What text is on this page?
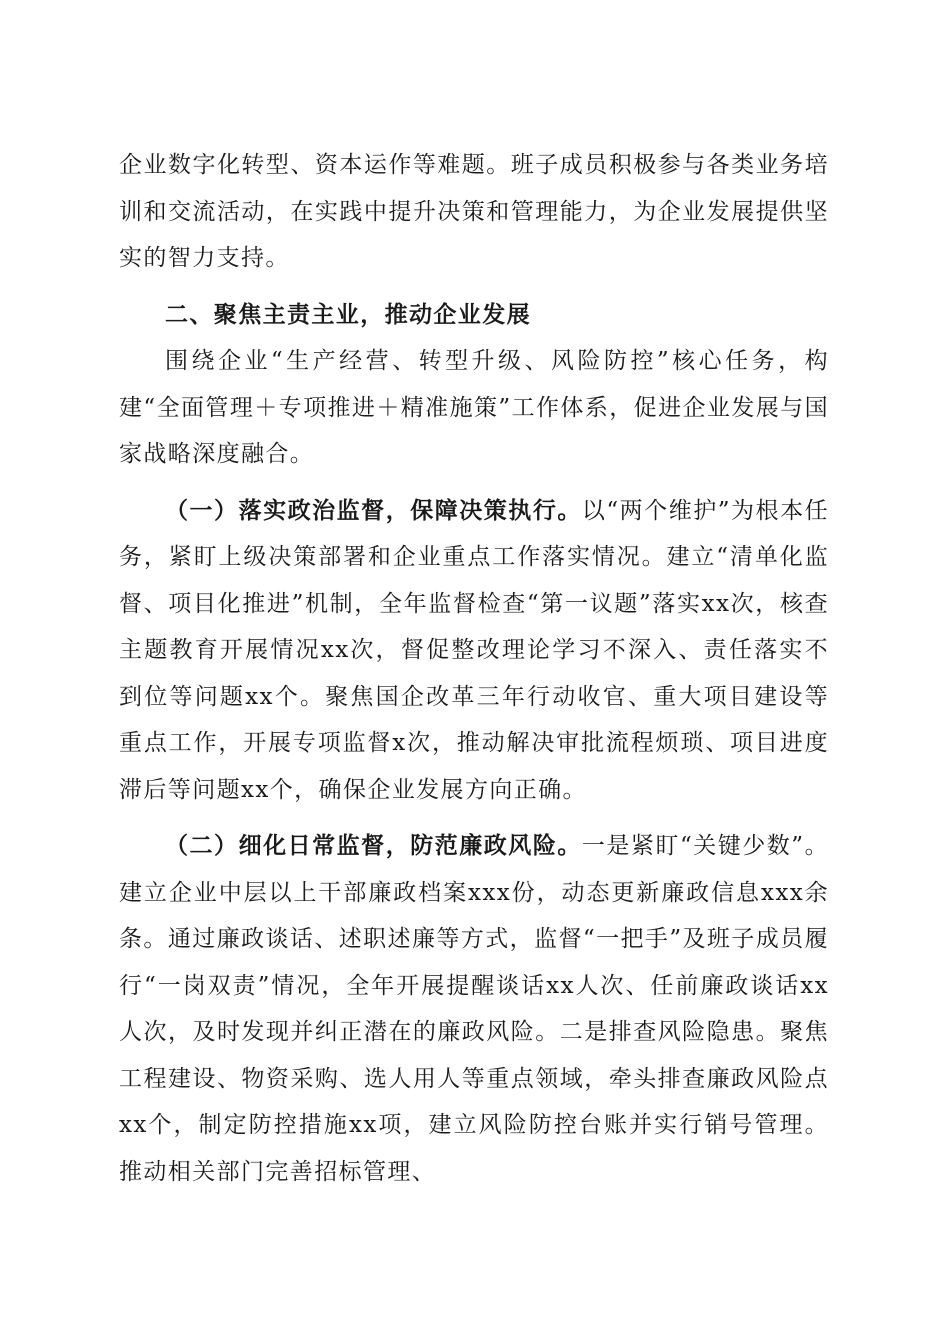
企业数字化转型、资本运作等难题。班子成员积极参与各类业务培训和交流活动，在实践中提升决策和管理能力，为企业发展提供坚实的智力支持。

二、聚焦主责主业，推动企业发展

围绕企业“生产经营、转型升级、风险防控”核心任务，构建“全面管理＋专项推进＋精准施策”工作体系，促进企业发展与国家战略深度融合。

（一）落实政治监督，保障决策执行。以“两个维护”为根本任务，紧盯上级决策部署和企业重点工作落实情况。建立“清单化监督、项目化推进”机制，全年监督检查“第一议题”落实xx次，核查主题教育开展情况xx次，督促整改理论学习不深入、责任落实不到位等问题xx个。聚焦国企改革三年行动收官、重大项目建设等重点工作，开展专项监督x次，推动解决审批流程烦琐、项目进度滞后等问题xx个，确保企业发展方向正确。

（二）细化日常监督，防范廉政风险。一是紧盯“关键少数”。建立企业中层以上干部廉政档案xxx份，动态更新廉政信息xxx余条。通过廉政谈话、述职述廉等方式，监督“一把手”及班子成员履行“一岗双责”情况，全年开展提醒谈话xx人次、任前廉政谈话xx人次，及时发现并纠正潜在的廉政风险。二是排查风险隐患。聚焦工程建设、物资采购、选人用人等重点领域，牵头排查廉政风险点xx个，制定防控措施xx项，建立风险防控台账并实行销号管理。推动相关部门完善招标管理、
